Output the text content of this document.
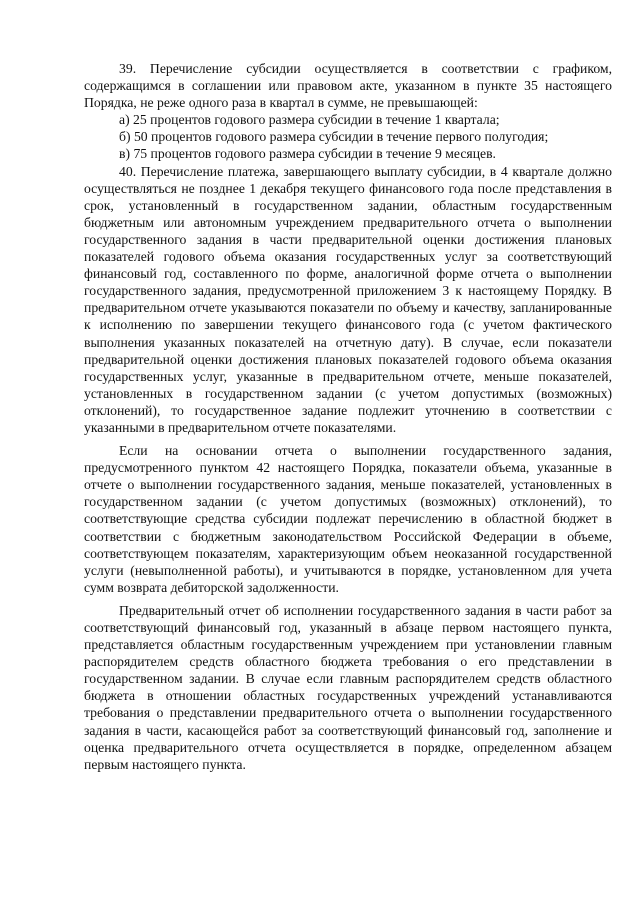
39. Перечисление субсидии осуществляется в соответствии с графиком, содержащимся в соглашении или правовом акте, указанном в пункте 35 настоящего Порядка, не реже одного раза в квартал в сумме, не превышающей:

а) 25 процентов годового размера субсидии в течение 1 квартала;

б) 50 процентов годового размера субсидии в течение первого полугодия;

в) 75 процентов годового размера субсидии в течение 9 месяцев.

40. Перечисление платежа, завершающего выплату субсидии, в 4 квартале должно осуществляться не позднее 1 декабря текущего финансового года после представления в срок, установленный в государственном задании, областным государственным бюджетным или автономным учреждением предварительного отчета о выполнении государственного задания в части предварительной оценки достижения плановых показателей годового объема оказания государственных услуг за соответствующий финансовый год, составленного по форме, аналогичной форме отчета о выполнении государственного задания, предусмотренной приложением 3 к настоящему Порядку. В предварительном отчете указываются показатели по объему и качеству, запланированные к исполнению по завершении текущего финансового года (с учетом фактического выполнения указанных показателей на отчетную дату). В случае, если показатели предварительной оценки достижения плановых показателей годового объема оказания государственных услуг, указанные в предварительном отчете, меньше показателей, установленных в государственном задании (с учетом допустимых (возможных) отклонений), то государственное задание подлежит уточнению в соответствии с указанными в предварительном отчете показателями.

Если на основании отчета о выполнении государственного задания, предусмотренного пунктом 42 настоящего Порядка, показатели объема, указанные в отчете о выполнении государственного задания, меньше показателей, установленных в государственном задании (с учетом допустимых (возможных) отклонений), то соответствующие средства субсидии подлежат перечислению в областной бюджет в соответствии с бюджетным законодательством Российской Федерации в объеме, соответствующем показателям, характеризующим объем неоказанной государственной услуги (невыполненной работы), и учитываются в порядке, установленном для учета сумм возврата дебиторской задолженности.

Предварительный отчет об исполнении государственного задания в части работ за соответствующий финансовый год, указанный в абзаце первом настоящего пункта, представляется областным государственным учреждением при установлении главным распорядителем средств областного бюджета требования о его представлении в государственном задании. В случае если главным распорядителем средств областного бюджета в отношении областных государственных учреждений устанавливаются требования о представлении предварительного отчета о выполнении государственного задания в части, касающейся работ за соответствующий финансовый год, заполнение и оценка предварительного отчета осуществляется в порядке, определенном абзацем первым настоящего пункта.
